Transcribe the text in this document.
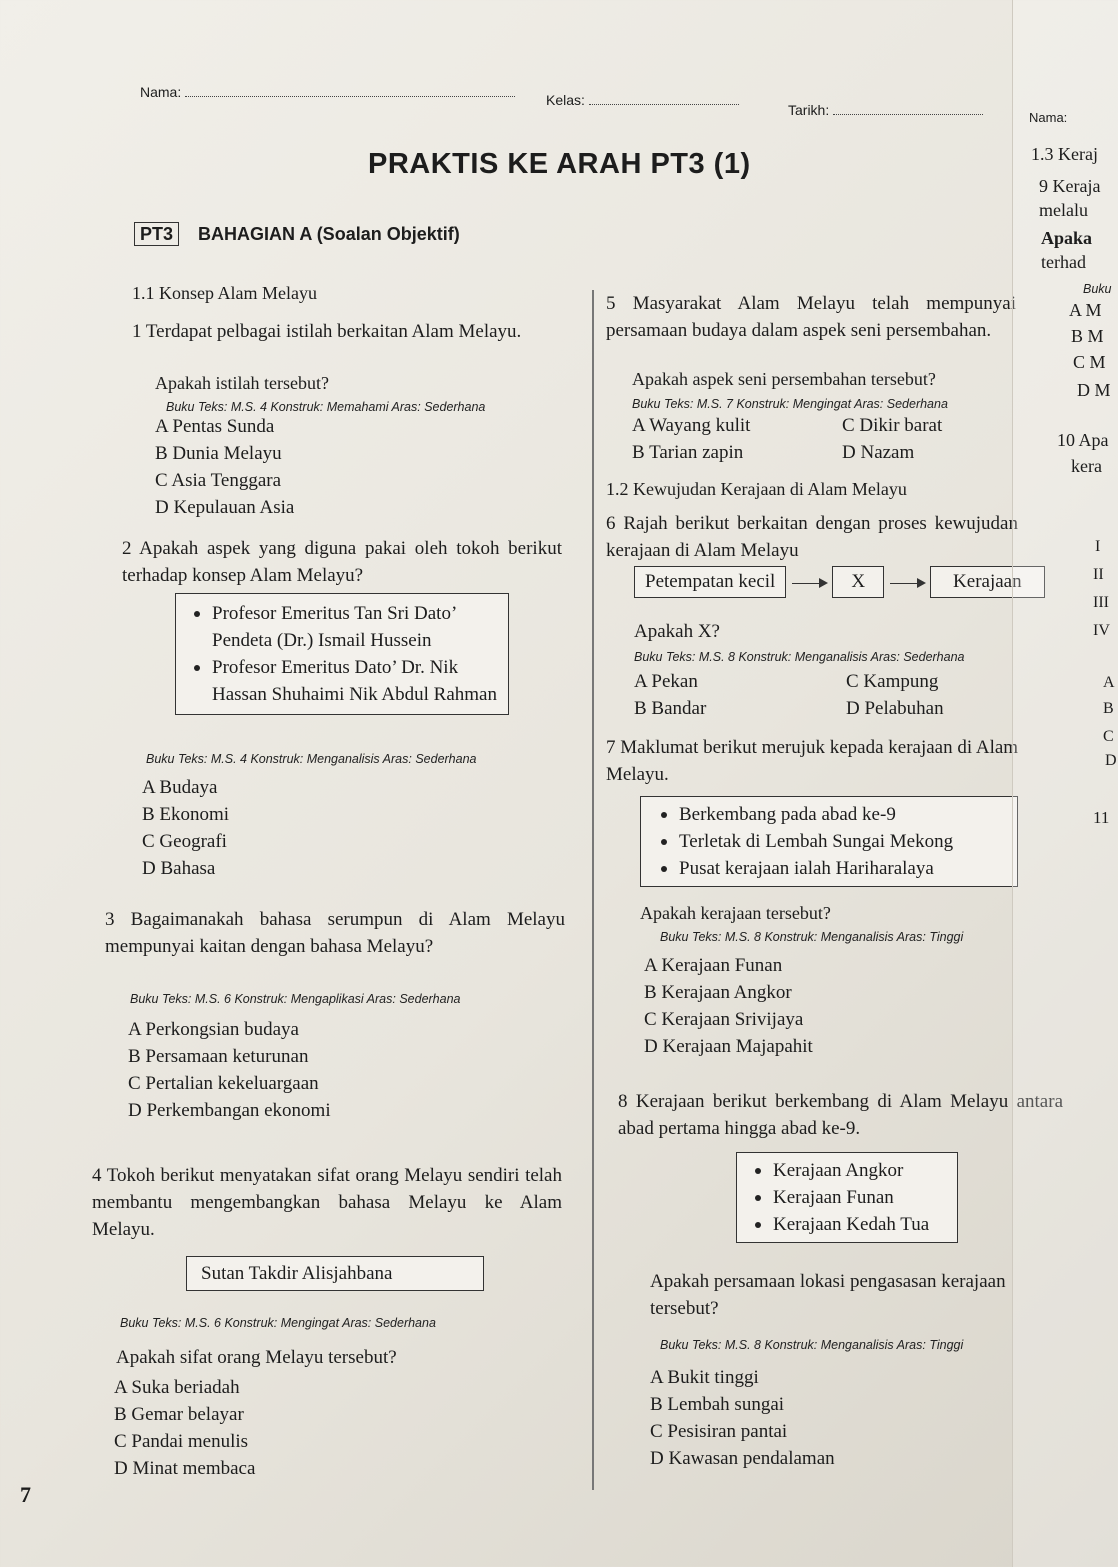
Nama:	Kelas:
Tarikh:
PRAKTIS KE ARAH PT3 (1)
PT3 BAHAGIAN A (Soalan Objektif)
1.1 Konsep Alam Melayu
1 Terdapat pelbagai istilah berkaitan Alam Melayu.
Apakah istilah tersebut?
Buku Teks: M.S. 4 Konstruk: Memahami Aras: Sederhana
A Pentas Sunda
B Dunia Melayu
C Asia Tenggara
D Kepulauan Asia
2 Apakah aspek yang diguna pakai oleh tokoh berikut terhadap konsep Alam Melayu?
Profesor Emeritus Tan Sri Dato’ Pendeta (Dr.) Ismail Hussein
Profesor Emeritus Dato’ Dr. Nik Hassan Shuhaimi Nik Abdul Rahman
Buku Teks: M.S. 4 Konstruk: Menganalisis Aras: Sederhana
A Budaya
B Ekonomi
C Geografi
D Bahasa
3 Bagaimanakah bahasa serumpun di Alam Melayu mempunyai kaitan dengan bahasa Melayu?
Buku Teks: M.S. 6 Konstruk: Mengaplikasi Aras: Sederhana
A Perkongsian budaya
B Persamaan keturunan
C Pertalian kekeluargaan
D Perkembangan ekonomi
4 Tokoh berikut menyatakan sifat orang Melayu sendiri telah membantu mengembangkan bahasa Melayu ke Alam Melayu.
Sutan Takdir Alisjahbana
Buku Teks: M.S. 6 Konstruk: Mengingat Aras: Sederhana
Apakah sifat orang Melayu tersebut?
A Suka beriadah
B Gemar belayar
C Pandai menulis
D Minat membaca
7
5 Masyarakat Alam Melayu telah mempunyai persamaan budaya dalam aspek seni persembahan.
Apakah aspek seni persembahan tersebut?
Buku Teks: M.S. 7 Konstruk: Mengingat Aras: Sederhana
A Wayang kulit	C Dikir barat
B Tarian zapin	D Nazam
1.2 Kewujudan Kerajaan di Alam Melayu
6 Rajah berikut berkaitan dengan proses kewujudan kerajaan di Alam Melayu
Petempatan kecil	X	Kerajaan
Apakah X?
Buku Teks: M.S. 8 Konstruk: Menganalisis Aras: Sederhana
A Pekan	C Kampung
B Bandar	D Pelabuhan
7 Maklumat berikut merujuk kepada kerajaan di Alam Melayu.
Berkembang pada abad ke-9
Terletak di Lembah Sungai Mekong
Pusat kerajaan ialah Hariharalaya
Apakah kerajaan tersebut?
Buku Teks: M.S. 8 Konstruk: Menganalisis Aras: Tinggi
A Kerajaan Funan
B Kerajaan Angkor
C Kerajaan Srivijaya
D Kerajaan Majapahit
8 Kerajaan berikut berkembang di Alam Melayu antara abad pertama hingga abad ke-9.
Kerajaan Angkor
Kerajaan Funan
Kerajaan Kedah Tua
Apakah persamaan lokasi pengasasan kerajaan tersebut?
Buku Teks: M.S. 8 Konstruk: Menganalisis Aras: Tinggi
A Bukit tinggi
B Lembah sungai
C Pesisiran pantai
D Kawasan pendalaman
Nama:
1.3 Keraj
9 Keraja
melalu
Apaka
terhad
Buku
A M
B M
C M
D M
10 Apa
kera
I
II
III
IV
A
B
C
D
11
